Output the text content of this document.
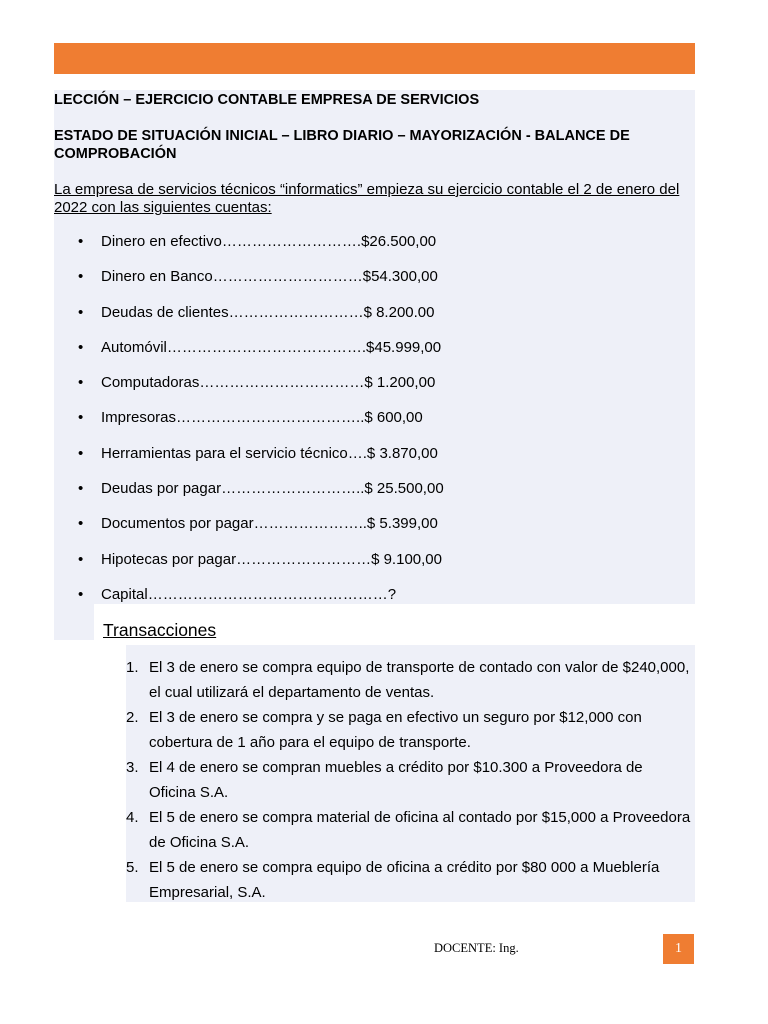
LECCIÓN – EJERCICIO CONTABLE EMPRESA DE SERVICIOS
ESTADO DE SITUACIÓN INICIAL – LIBRO DIARIO – MAYORIZACIÓN - BALANCE DE COMPROBACIÓN
La empresa de servicios técnicos “informatics” empieza su ejercicio contable el 2 de enero del 2022 con las siguientes cuentas:
• Dinero en efectivo……………………….$26.500,00
• Dinero en Banco…………………………$54.300,00
• Deudas de clientes………………………$ 8.200.00
• Automóvil………………………………….$45.999,00
• Computadoras……………………………$ 1.200,00
• Impresoras………………………………..$ 600,00
• Herramientas para el servicio técnico….$ 3.870,00
• Deudas por pagar………………………..$ 25.500,00
• Documentos por pagar…………………..$ 5.399,00
• Hipotecas por pagar………………………$ 9.100,00
• Capital…………………………………………?
Transacciones
1. El 3 de enero se compra equipo de transporte de contado con valor de $240,000, el cual utilizará el departamento de ventas.
2. El 3 de enero se compra y se paga en efectivo un seguro por $12,000 con cobertura de 1 año para el equipo de transporte.
3. El 4 de enero se compran muebles a crédito por $10.300 a Proveedora de Oficina S.A.
4. El 5 de enero se compra material de oficina al contado por $15,000 a Proveedora de Oficina S.A.
5. El 5 de enero se compra equipo de oficina a crédito por $80 000 a Mueblería Empresarial, S.A.
DOCENTE: Ing.	1
